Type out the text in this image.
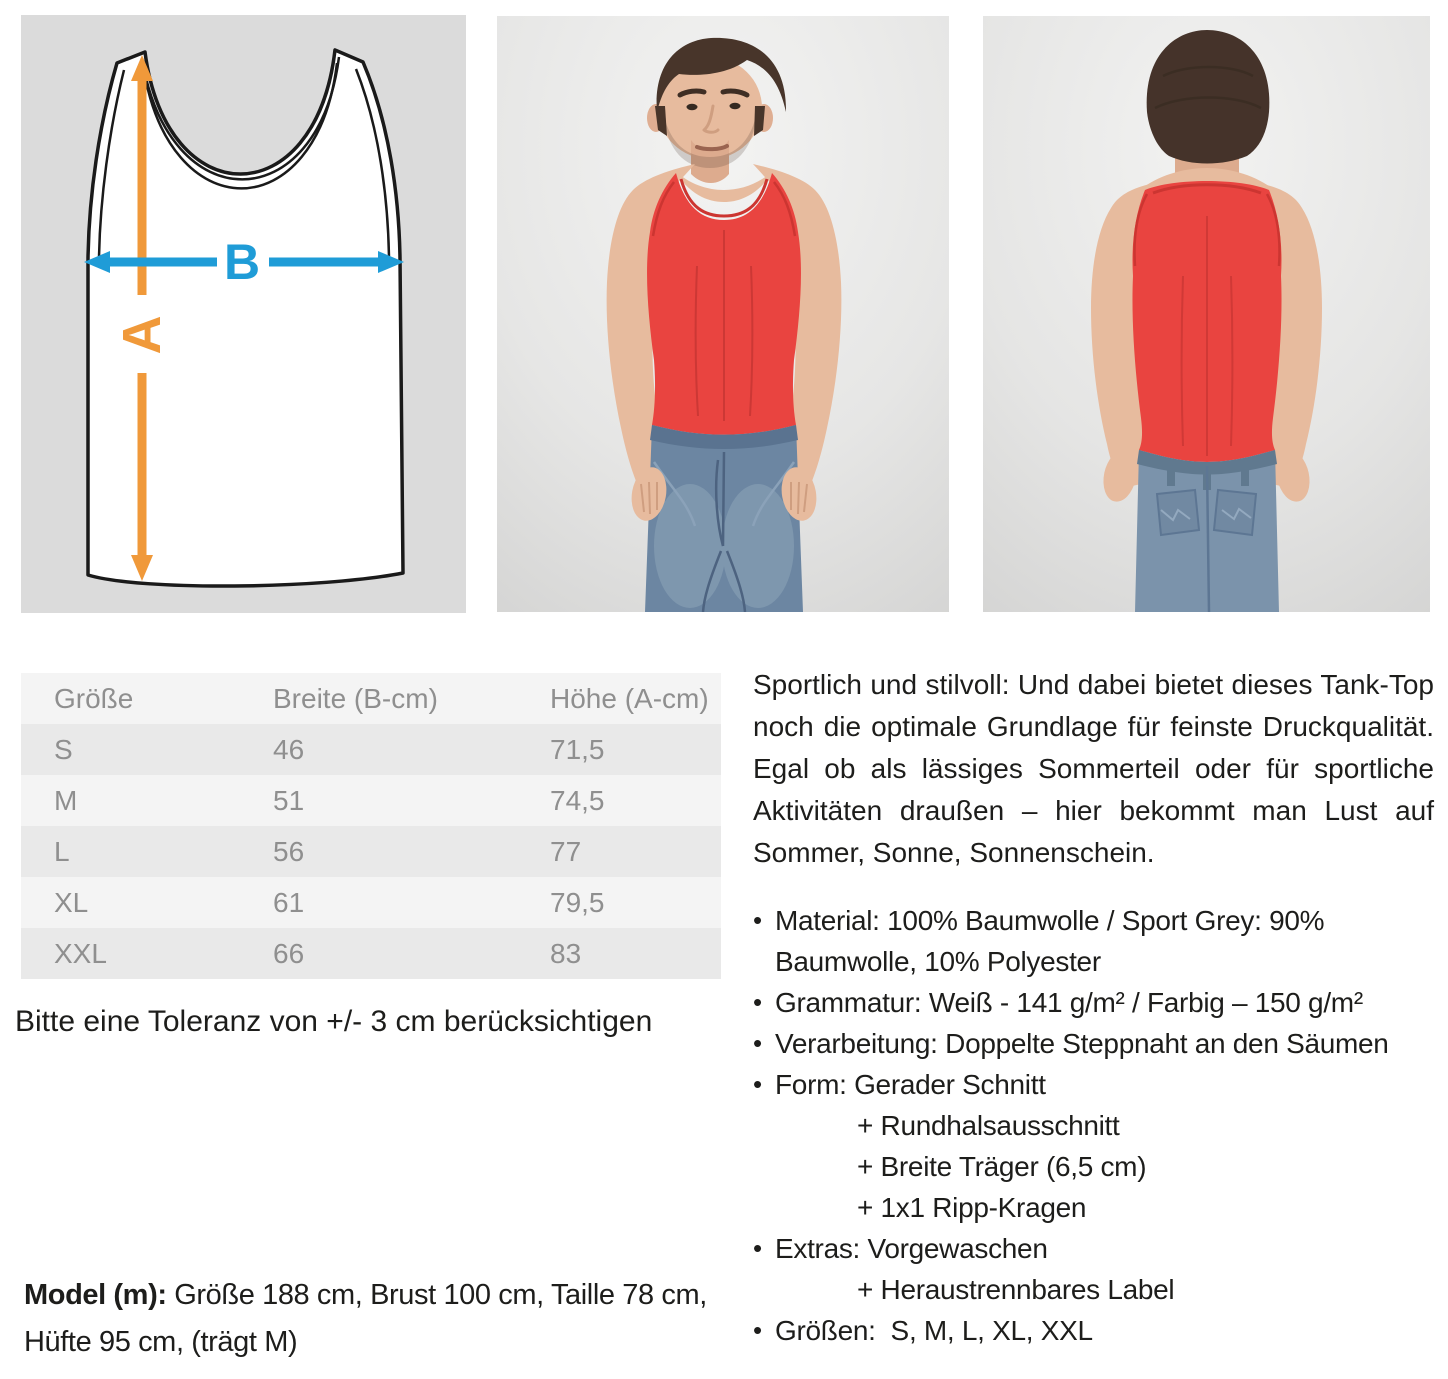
A
B
Größe	Breite (B-cm)	Höhe (A-cm)
S	46	71,5
M	51	74,5
L	56	77
XL	61	79,5
XXL	66	83
Bitte eine Toleranz von +/- 3 cm berücksichtigen
Model (m): Größe 188 cm, Brust 100 cm, Taille 78 cm, Hüfte 95 cm, (trägt M)

Sportlich und stilvoll: Und dabei bietet dieses Tank-Top noch die optimale Grundlage für feinste Druckqualität. Egal ob als lässiges Sommerteil oder für sportliche Aktivitäten draußen – hier bekommt man Lust auf Sommer, Sonne, Sonnenschein.

• Material: 100% Baumwolle / Sport Grey: 90% Baumwolle, 10% Polyester
• Grammatur: Weiß - 141 g/m² / Farbig – 150 g/m²
• Verarbeitung: Doppelte Steppnaht an den Säumen
• Form: Gerader Schnitt
+ Rundhalsausschnitt
+ Breite Träger (6,5 cm)
+ 1x1 Ripp-Kragen
• Extras: Vorgewaschen
+ Heraustrennbares Label
• Größen:  S, M, L, XL, XXL
